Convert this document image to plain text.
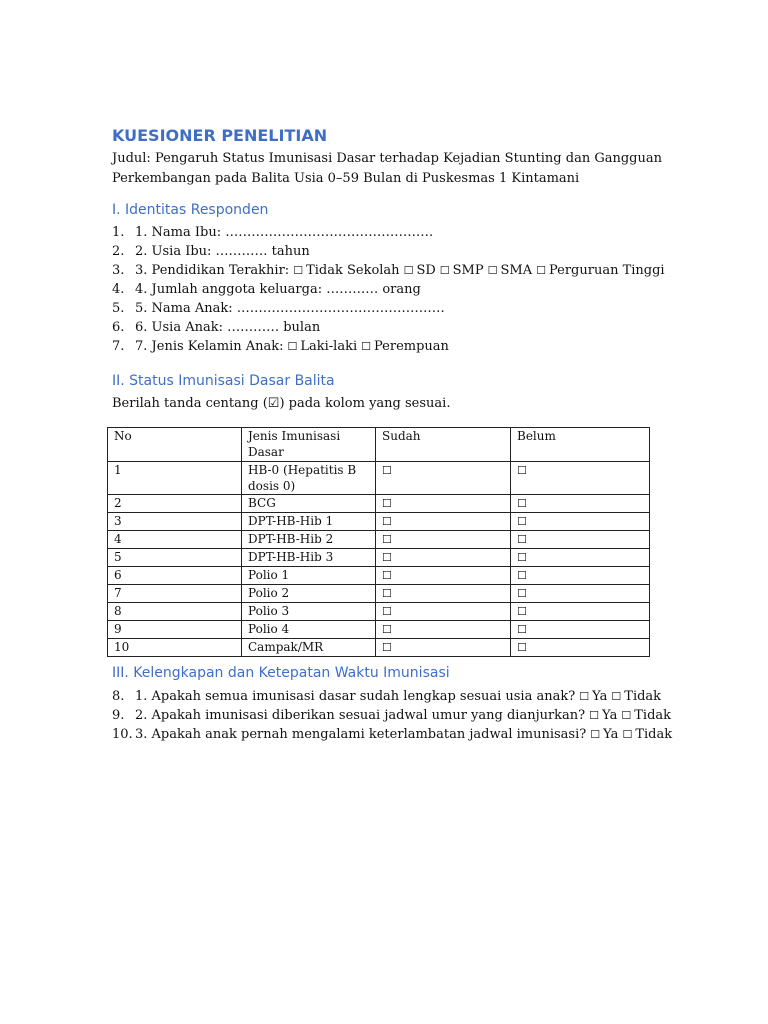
KUESIONER PENELITIAN
Judul: Pengaruh Status Imunisasi Dasar terhadap Kejadian Stunting dan Gangguan
Perkembangan pada Balita Usia 0–59 Bulan di Puskesmas 1 Kintamani
I. Identitas Responden
1. 1. Nama Ibu: …………………………………………
2. 2. Usia Ibu: ………… tahun
3. 3. Pendidikan Terakhir: ☐ Tidak Sekolah ☐ SD ☐ SMP ☐ SMA ☐ Perguruan Tinggi
4. 4. Jumlah anggota keluarga: ………… orang
5. 5. Nama Anak: …………………………………………
6. 6. Usia Anak: ………… bulan
7. 7. Jenis Kelamin Anak: ☐ Laki-laki ☐ Perempuan
II. Status Imunisasi Dasar Balita
Berilah tanda centang (☑) pada kolom yang sesuai.
No	Jenis Imunisasi Dasar	Sudah	Belum
1	HB-0 (Hepatitis B dosis 0)	☐	☐
2	BCG	☐	☐
3	DPT-HB-Hib 1	☐	☐
4	DPT-HB-Hib 2	☐	☐
5	DPT-HB-Hib 3	☐	☐
6	Polio 1	☐	☐
7	Polio 2	☐	☐
8	Polio 3	☐	☐
9	Polio 4	☐	☐
10	Campak/MR	☐	☐
III. Kelengkapan dan Ketepatan Waktu Imunisasi
8. 1. Apakah semua imunisasi dasar sudah lengkap sesuai usia anak? ☐ Ya ☐ Tidak
9. 2. Apakah imunisasi diberikan sesuai jadwal umur yang dianjurkan? ☐ Ya ☐ Tidak
10. 3. Apakah anak pernah mengalami keterlambatan jadwal imunisasi? ☐ Ya ☐ Tidak
